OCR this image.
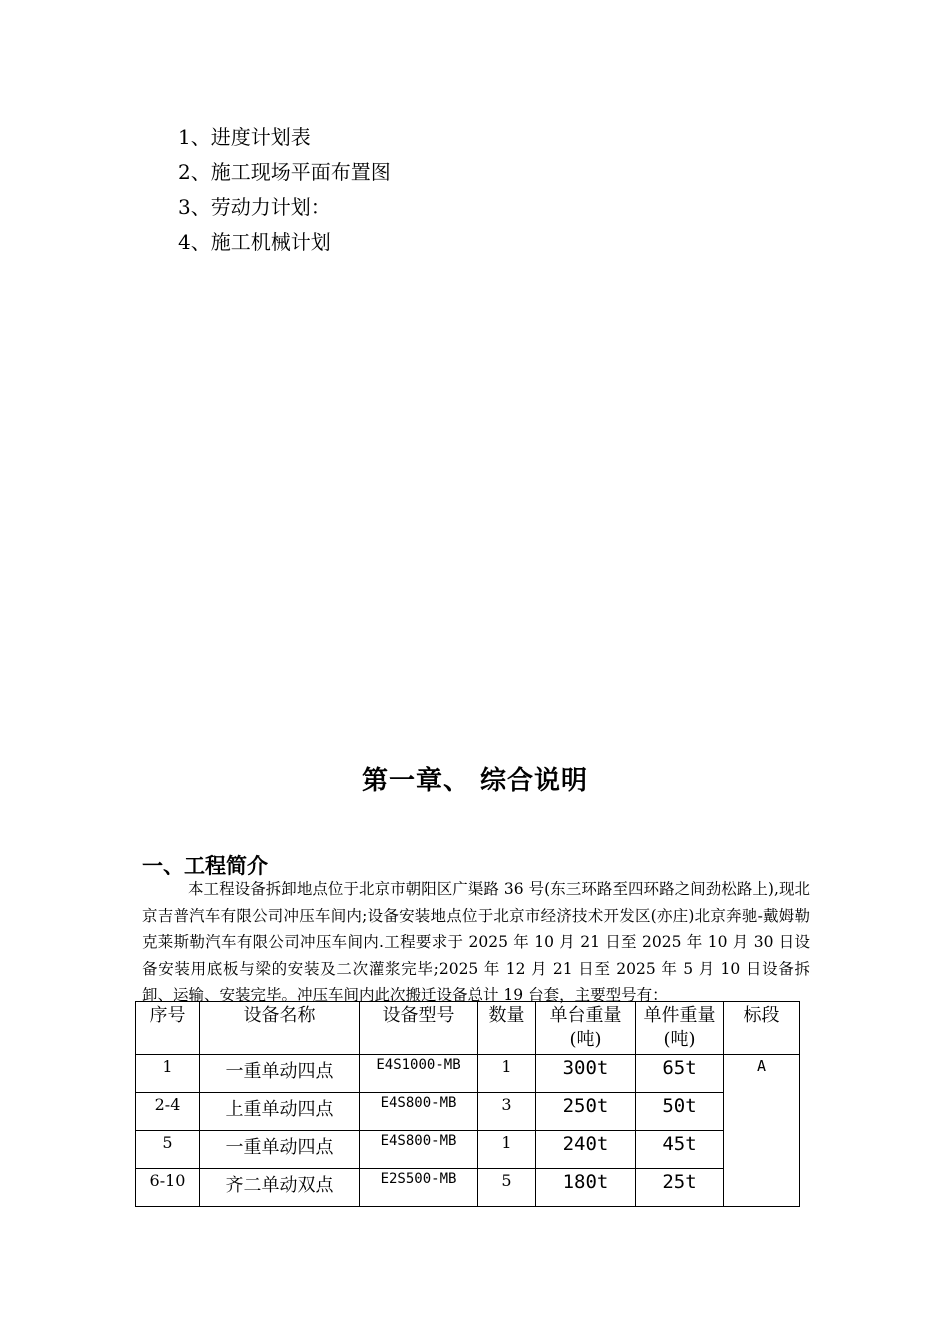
1、进度计划表
2、施工现场平面布置图
3、劳动力计划：
4、施工机械计划
第一章、 综合说明
一、工程简介
本工程设备拆卸地点位于北京市朝阳区广渠路 36 号(东三环路至四环路之间劲松路上),现北京吉普汽车有限公司冲压车间内;设备安装地点位于北京市经济技术开发区(亦庄)北京奔驰-戴姆勒克莱斯勒汽车有限公司冲压车间内.工程要求于 2025 年 10 月 21 日至 2025 年 10 月 30 日设备安装用底板与梁的安装及二次灌浆完毕;2025 年 12 月 21 日至 2025 年 5 月 10 日设备拆卸、运输、安装完毕。冲压车间内此次搬迁设备总计 19 台套，主要型号有：
序号	设备名称	设备型号	数量	单台重量(吨)	单件重量(吨)	标段
1	一重单动四点	E4S1000-MB	1	300t	65t	A
2-4	上重单动四点	E4S800-MB	3	250t	50t	
5	一重单动四点	E4S800-MB	1	240t	45t	
6-10	齐二单动双点	E2S500-MB	5	180t	25t	
